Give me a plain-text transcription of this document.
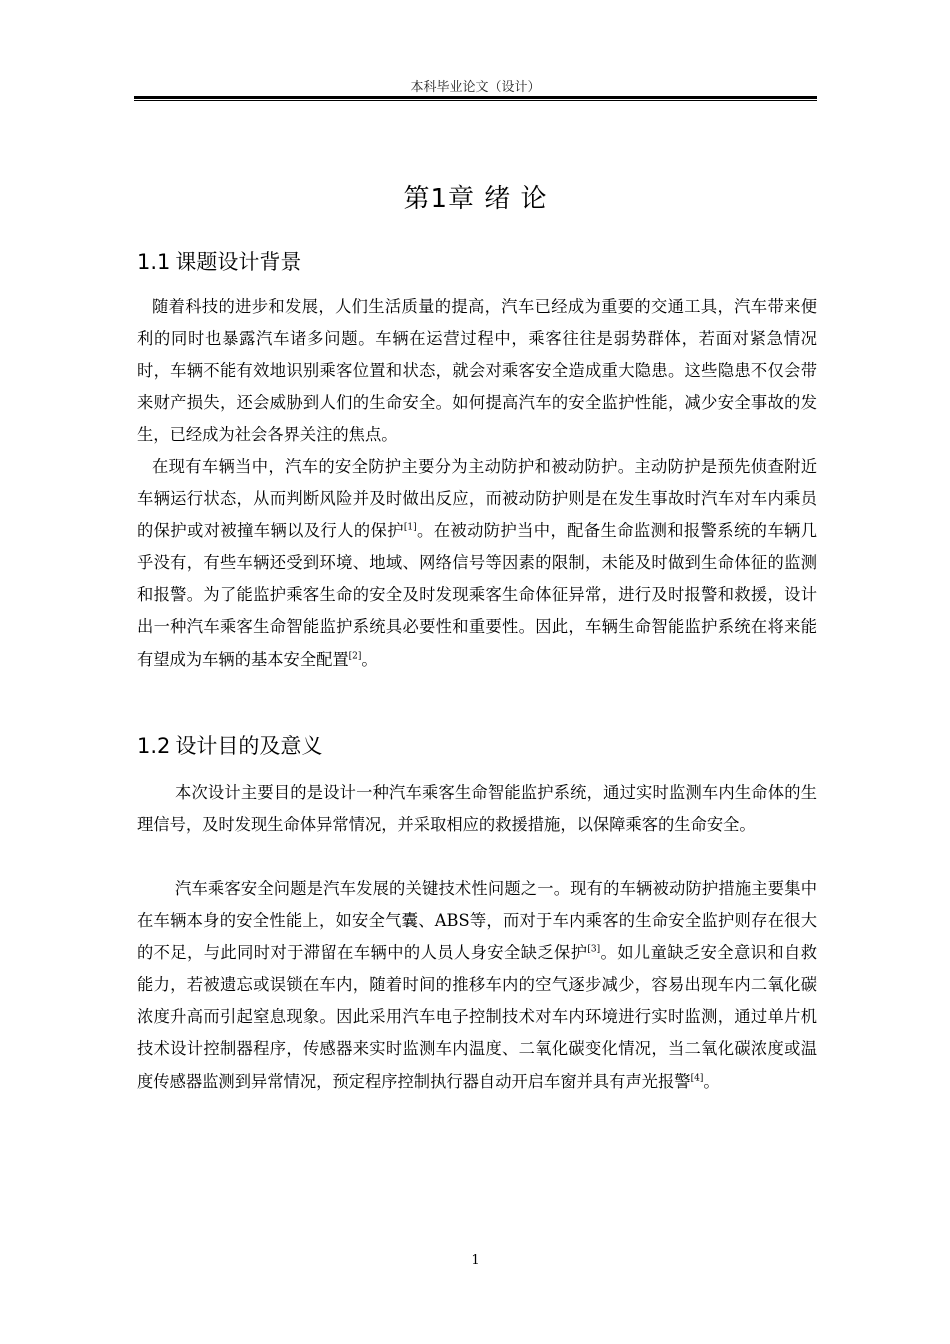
本科毕业论文（设计）
第1章 绪 论
1.1 课题设计背景

随着科技的进步和发展，人们生活质量的提高，汽车已经成为重要的交通工具，汽车带来便利的同时也暴露汽车诸多问题。车辆在运营过程中，乘客往往是弱势群体，若面对紧急情况时，车辆不能有效地识别乘客位置和状态，就会对乘客安全造成重大隐患。这些隐患不仅会带来财产损失，还会威胁到人们的生命安全。如何提高汽车的安全监护性能，减少安全事故的发生，已经成为社会各界关注的焦点。

在现有车辆当中，汽车的安全防护主要分为主动防护和被动防护。主动防护是预先侦查附近车辆运行状态，从而判断风险并及时做出反应，而被动防护则是在发生事故时汽车对车内乘员的保护或对被撞车辆以及行人的保护[1]。在被动防护当中，配备生命监测和报警系统的车辆几乎没有，有些车辆还受到环境、地域、网络信号等因素的限制，未能及时做到生命体征的监测和报警。为了能监护乘客生命的安全及时发现乘客生命体征异常，进行及时报警和救援，设计出一种汽车乘客生命智能监护系统具必要性和重要性。因此，车辆生命智能监护系统在将来能有望成为车辆的基本安全配置[2]。

1.2 设计目的及意义

本次设计主要目的是设计一种汽车乘客生命智能监护系统，通过实时监测车内生命体的生理信号，及时发现生命体异常情况，并采取相应的救援措施，以保障乘客的生命安全。

汽车乘客安全问题是汽车发展的关键技术性问题之一。现有的车辆被动防护措施主要集中在车辆本身的安全性能上，如安全气囊、ABS等，而对于车内乘客的生命安全监护则存在很大的不足，与此同时对于滞留在车辆中的人员人身安全缺乏保护[3]。如儿童缺乏安全意识和自救能力，若被遗忘或误锁在车内，随着时间的推移车内的空气逐步减少，容易出现车内二氧化碳浓度升高而引起窒息现象。因此采用汽车电子控制技术对车内环境进行实时监测，通过单片机技术设计控制器程序，传感器来实时监测车内温度、二氧化碳变化情况，当二氧化碳浓度或温度传感器监测到异常情况，预定程序控制执行器自动开启车窗并具有声光报警[4]。

1
